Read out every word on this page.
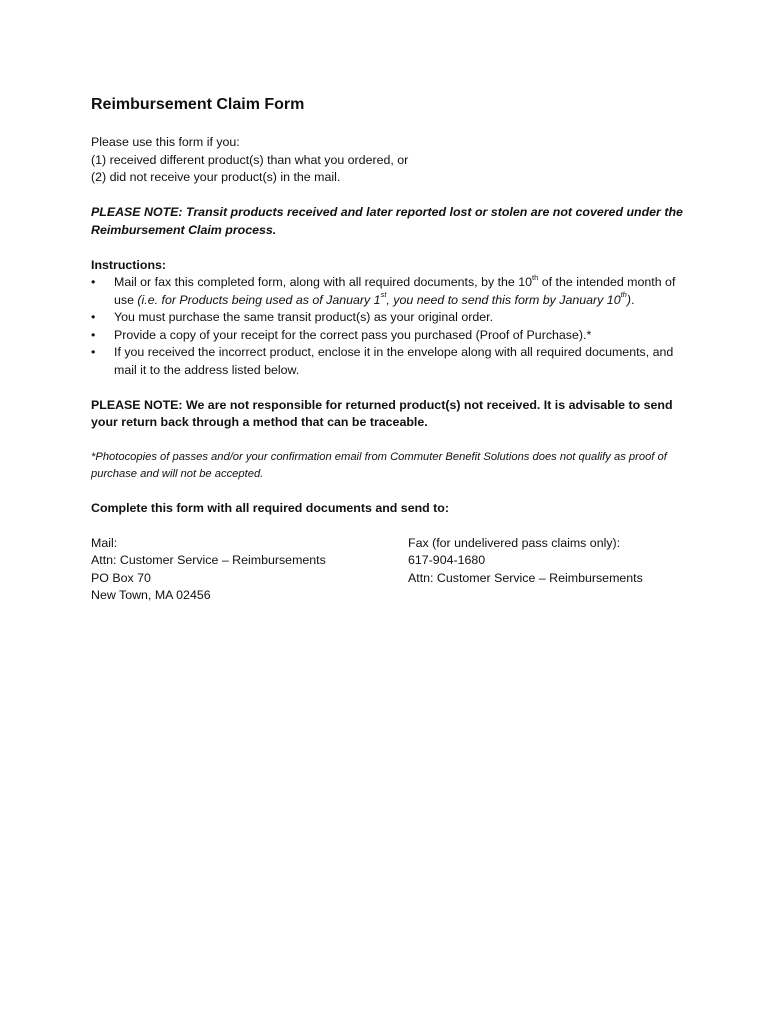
Reimbursement Claim Form
Please use this form if you:
(1) received different product(s) than what you ordered, or
(2) did not receive your product(s) in the mail.
PLEASE NOTE: Transit products received and later reported lost or stolen are not covered under the Reimbursement Claim process.
Instructions:
• Mail or fax this completed form, along with all required documents, by the 10th of the intended month of use (i.e. for Products being used as of January 1st, you need to send this form by January 10th).
• You must purchase the same transit product(s) as your original order.
• Provide a copy of your receipt for the correct pass you purchased (Proof of Purchase).*
• If you received the incorrect product, enclose it in the envelope along with all required documents, and mail it to the address listed below.
PLEASE NOTE: We are not responsible for returned product(s) not received. It is advisable to send your return back through a method that can be traceable.
*Photocopies of passes and/or your confirmation email from Commuter Benefit Solutions does not qualify as proof of purchase and will not be accepted.
Complete this form with all required documents and send to:
Mail:
Attn: Customer Service – Reimbursements
PO Box 70
New Town, MA 02456
Fax (for undelivered pass claims only):
617-904-1680
Attn: Customer Service – Reimbursements
